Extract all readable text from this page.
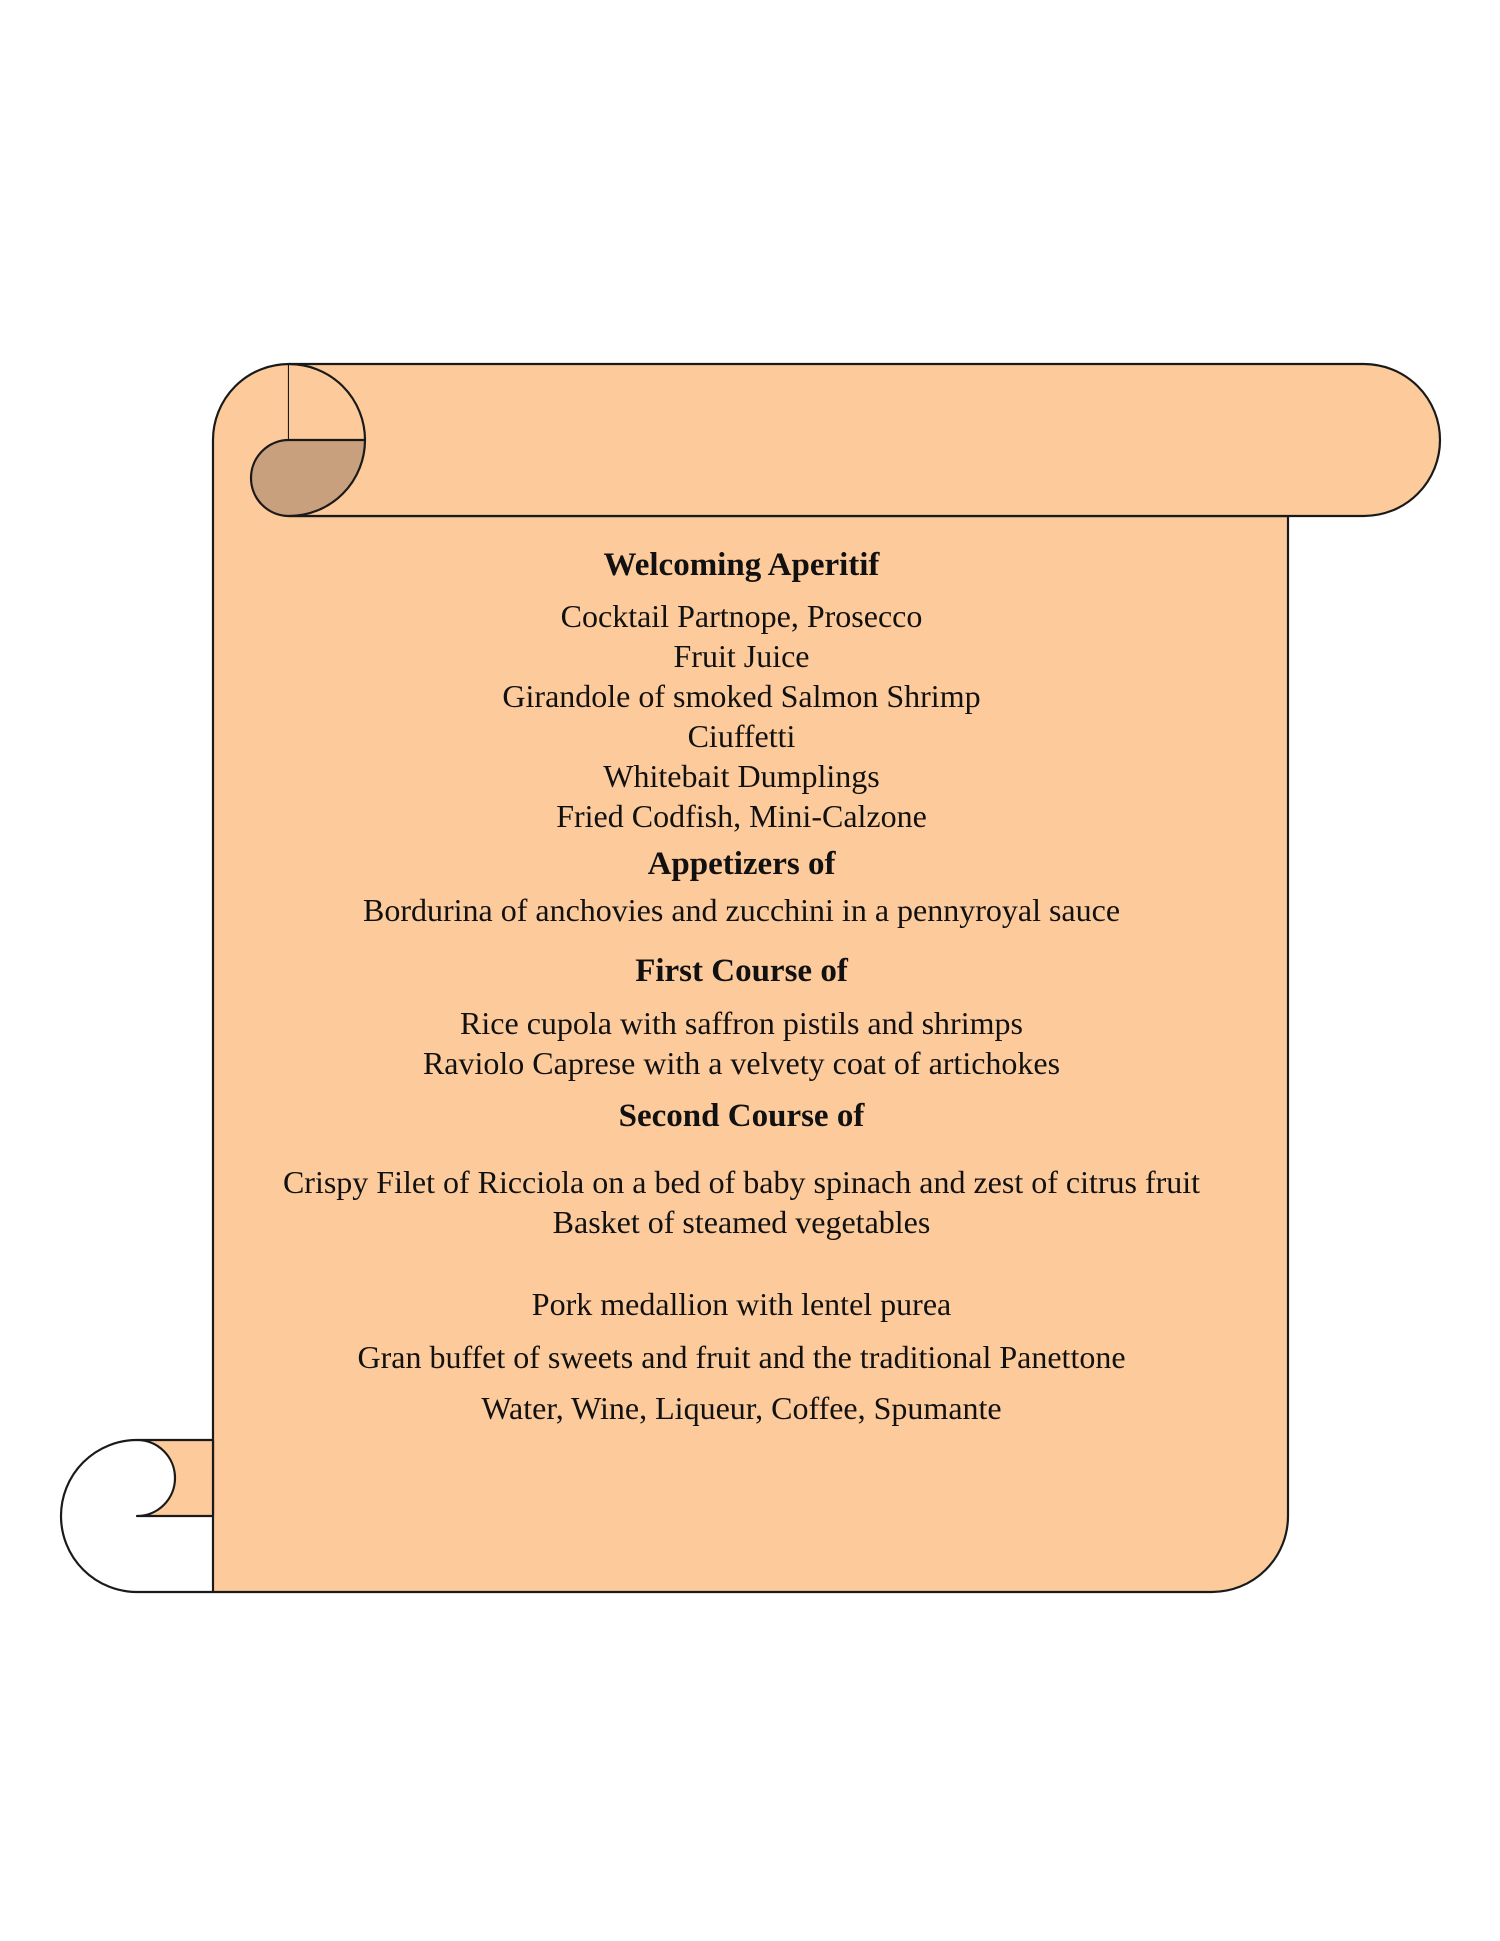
Welcoming Aperitif
Cocktail Partnope, Prosecco
Fruit Juice
Girandole of smoked Salmon Shrimp
Ciuffetti
Whitebait Dumplings
Fried Codfish, Mini-Calzone
Appetizers of
Bordurina of anchovies and zucchini in a pennyroyal sauce
First Course of
Rice cupola with saffron pistils and shrimps
Raviolo Caprese with a velvety coat of artichokes
Second Course of
Crispy Filet of Ricciola on a bed of baby spinach and zest of citrus fruit
Basket of steamed vegetables
Pork medallion with lentel purea
Gran buffet of sweets and fruit and the traditional Panettone
Water, Wine, Liqueur, Coffee, Spumante
